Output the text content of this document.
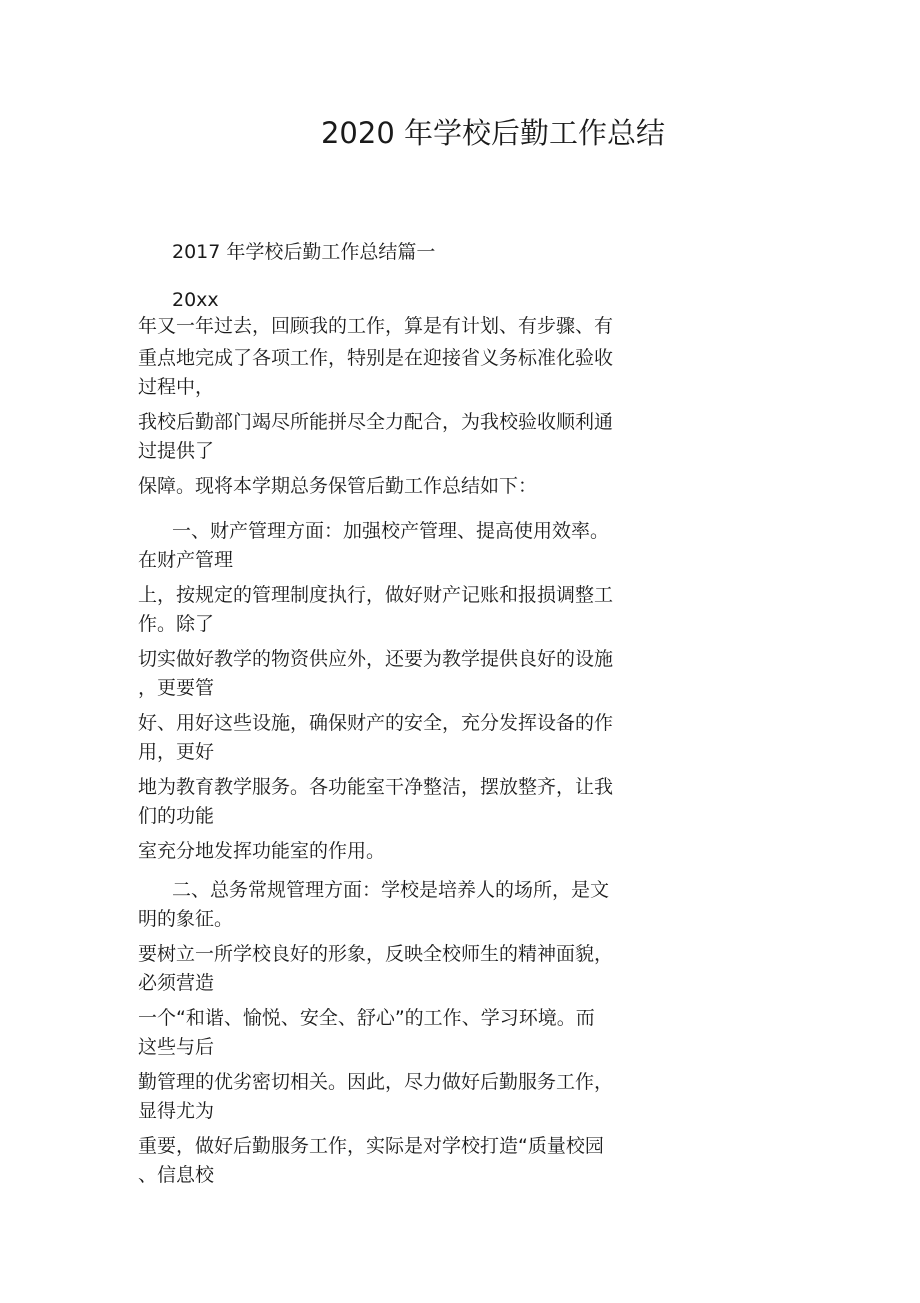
2020 年学校后勤工作总结
2017 年学校后勤工作总结篇一
20xx
年又一年过去，回顾我的工作，算是有计划、有步骤、有
重点地完成了各项工作，特别是在迎接省义务标准化验收
过程中，
我校后勤部门竭尽所能拼尽全力配合，为我校验收顺利通
过提供了
保障。现将本学期总务保管后勤工作总结如下：
一、财产管理方面：加强校产管理、提高使用效率。
在财产管理
上，按规定的管理制度执行，做好财产记账和报损调整工
作。除了
切实做好教学的物资供应外，还要为教学提供良好的设施
，更要管
好、用好这些设施，确保财产的安全，充分发挥设备的作
用，更好
地为教育教学服务。各功能室干净整洁，摆放整齐，让我
们的功能
室充分地发挥功能室的作用。
二、总务常规管理方面：学校是培养人的场所，是文
明的象征。
要树立一所学校良好的形象，反映全校师生的精神面貌，
必须营造
一个“和谐、愉悦、安全、舒心”的工作、学习环境。而
这些与后
勤管理的优劣密切相关。因此，尽力做好后勤服务工作，
显得尤为
重要，做好后勤服务工作，实际是对学校打造“质量校园
、信息校
